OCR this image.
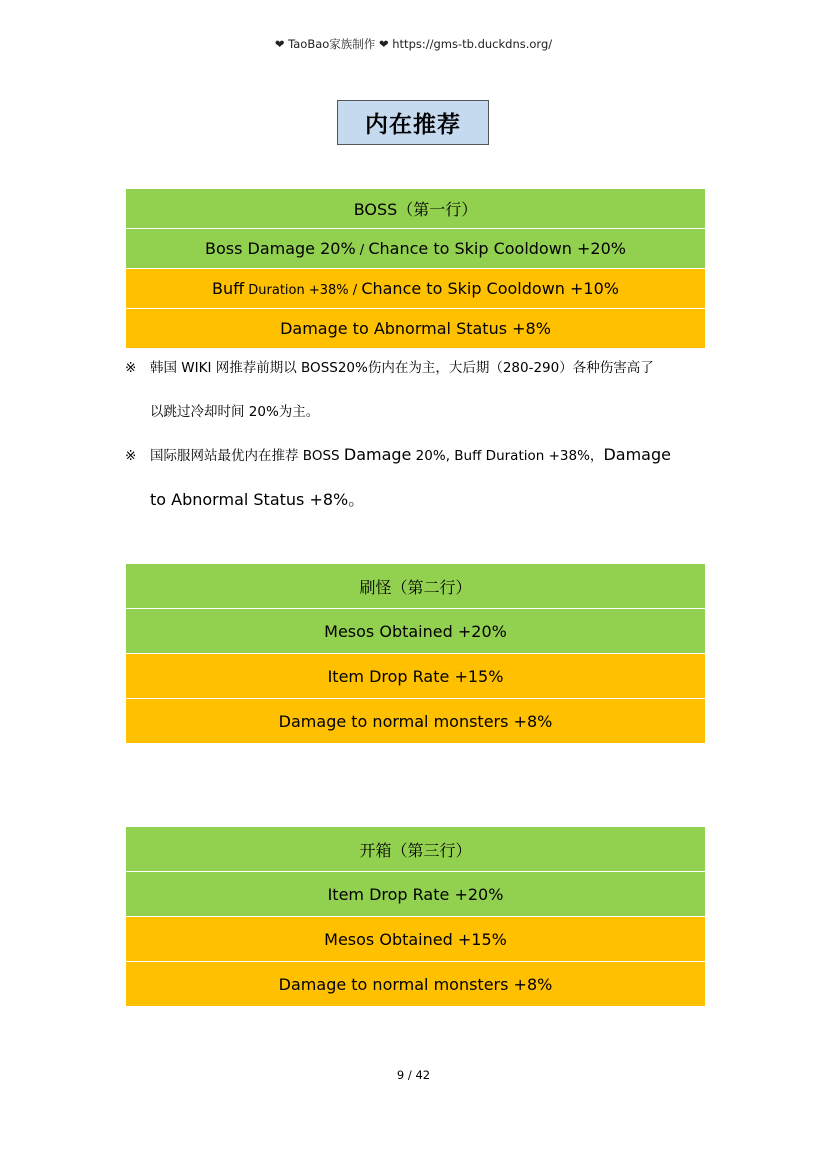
❤ TaoBao家族制作 ❤ https://gms-tb.duckdns.org/
内在推荐
BOSS（第一行）
Boss Damage 20% / Chance to Skip Cooldown +20%
Buff Duration +38% / Chance to Skip Cooldown +10%
Damage to Abnormal Status +8%
※ 韩国 WIKI 网推荐前期以 BOSS20%伤内在为主，大后期（280-290）各种伤害高了
以跳过冷却时间 20%为主。
※ 国际服网站最优内在推荐 BOSS Damage 20%, Buff Duration +38%，Damage
to Abnormal Status +8%。
刷怪（第二行）
Mesos Obtained +20%
Item Drop Rate +15%
Damage to normal monsters +8%
开箱（第三行）
Item Drop Rate +20%
Mesos Obtained +15%
Damage to normal monsters +8%
9 / 42
